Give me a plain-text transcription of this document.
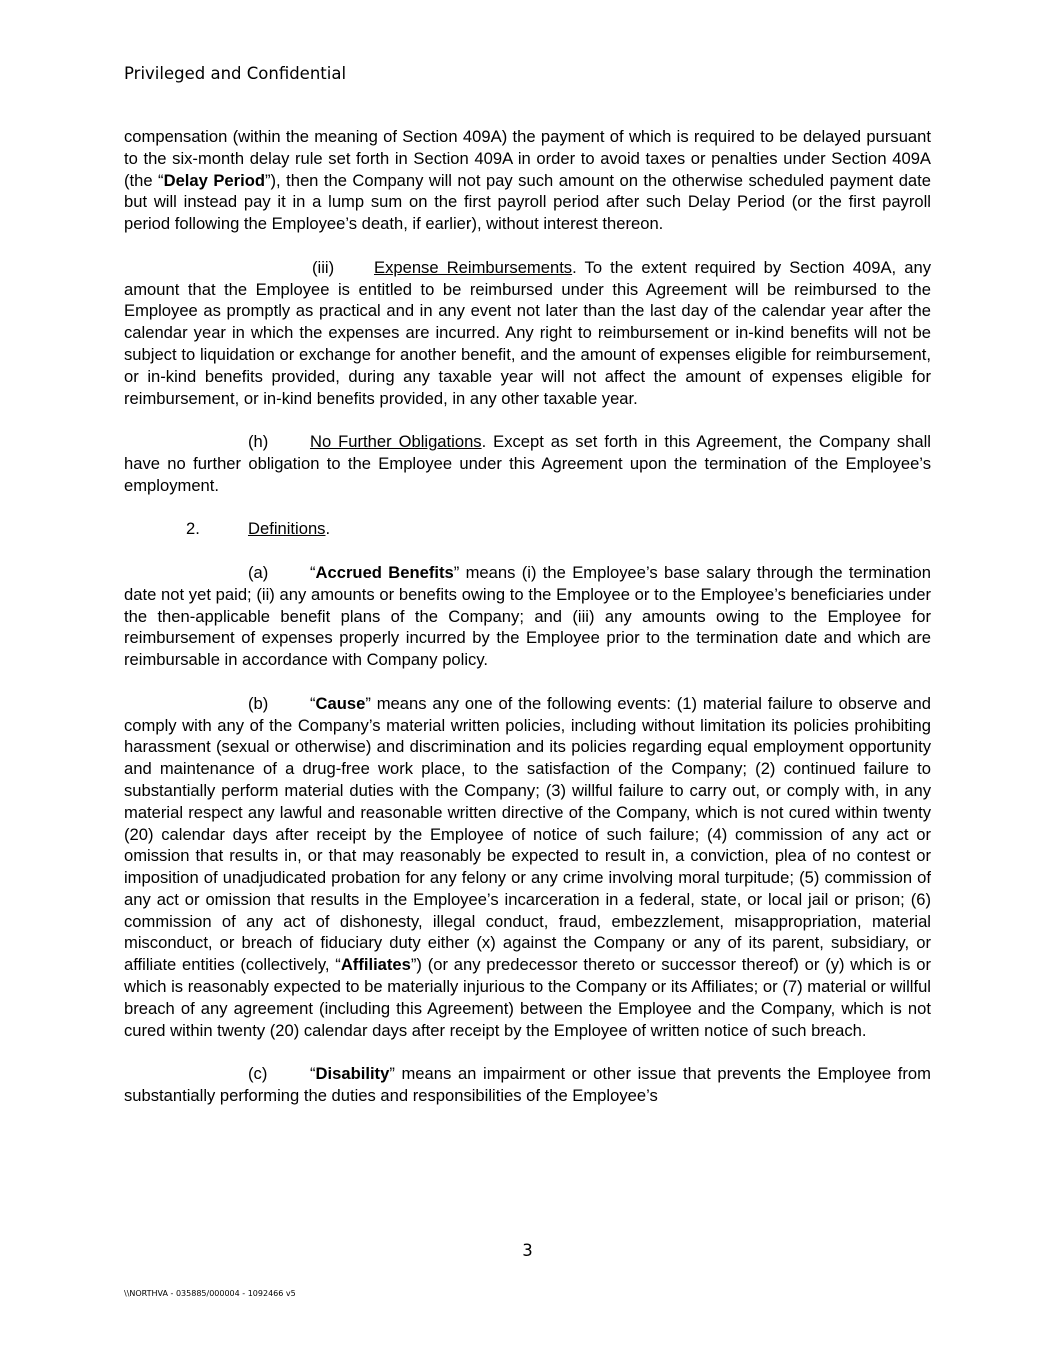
Privileged and Confidential

compensation (within the meaning of Section 409A) the payment of which is required to be delayed pursuant to the six-month delay rule set forth in Section 409A in order to avoid taxes or penalties under Section 409A (the “Delay Period”), then the Company will not pay such amount on the otherwise scheduled payment date but will instead pay it in a lump sum on the first payroll period after such Delay Period (or the first payroll period following the Employee’s death, if earlier), without interest thereon.

(iii) Expense Reimbursements. To the extent required by Section 409A, any amount that the Employee is entitled to be reimbursed under this Agreement will be reimbursed to the Employee as promptly as practical and in any event not later than the last day of the calendar year after the calendar year in which the expenses are incurred. Any right to reimbursement or in-kind benefits will not be subject to liquidation or exchange for another benefit, and the amount of expenses eligible for reimbursement, or in-kind benefits provided, during any taxable year will not affect the amount of expenses eligible for reimbursement, or in-kind benefits provided, in any other taxable year.

(h)	No Further Obligations. Except as set forth in this Agreement, the Company shall have no further obligation to the Employee under this Agreement upon the termination of the Employee’s employment.

2.	Definitions.

(a)	“Accrued Benefits” means (i) the Employee’s base salary through the termination date not yet paid; (ii) any amounts or benefits owing to the Employee or to the Employee’s beneficiaries under the then-applicable benefit plans of the Company; and (iii) any amounts owing to the Employee for reimbursement of expenses properly incurred by the Employee prior to the termination date and which are reimbursable in accordance with Company policy.

(b)	“Cause” means any one of the following events: (1) material failure to observe and comply with any of the Company’s material written policies, including without limitation its policies prohibiting harassment (sexual or otherwise) and discrimination and its policies regarding equal employment opportunity and maintenance of a drug-free work place, to the satisfaction of the Company; (2) continued failure to substantially perform material duties with the Company; (3) willful failure to carry out, or comply with, in any material respect any lawful and reasonable written directive of the Company, which is not cured within twenty (20) calendar days after receipt by the Employee of notice of such failure; (4) commission of any act or omission that results in, or that may reasonably be expected to result in, a conviction, plea of no contest or imposition of unadjudicated probation for any felony or any crime involving moral turpitude; (5) commission of any act or omission that results in the Employee’s incarceration in a federal, state, or local jail or prison; (6) commission of any act of dishonesty, illegal conduct, fraud, embezzlement, misappropriation, material misconduct, or breach of fiduciary duty either (x) against the Company or any of its parent, subsidiary, or affiliate entities (collectively, “Affiliates”) (or any predecessor thereto or successor thereof) or (y) which is or which is reasonably expected to be materially injurious to the Company or its Affiliates; or (7) material or willful breach of any agreement (including this Agreement) between the Employee and the Company, which is not cured within twenty (20) calendar days after receipt by the Employee of written notice of such breach.

(c)	“Disability” means an impairment or other issue that prevents the Employee from substantially performing the duties and responsibilities of the Employee’s

3
\\NORTHVA - 035885/000004 - 1092466 v5
